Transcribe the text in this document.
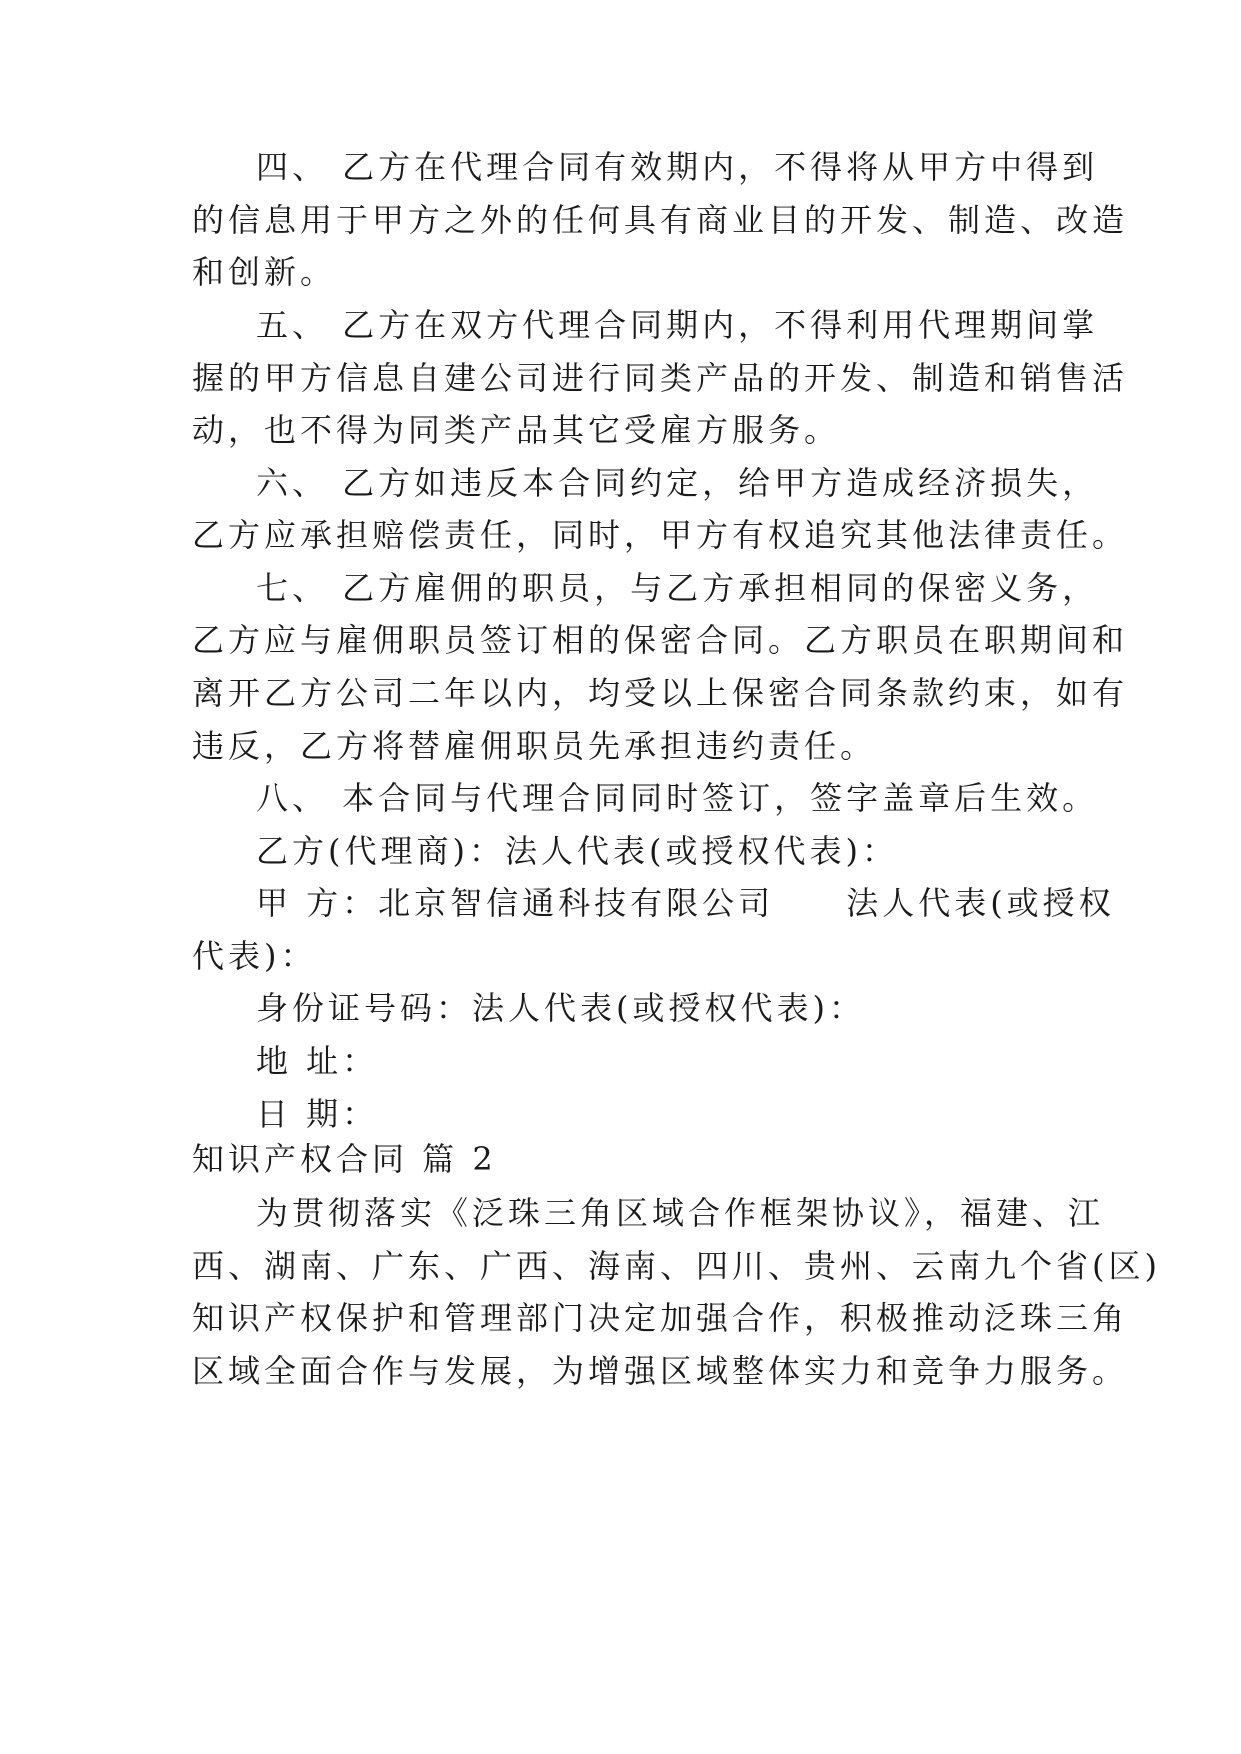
四、 乙方在代理合同有效期内，不得将从甲方中得到
的信息用于甲方之外的任何具有商业目的开发、制造、改造
和创新。
五、 乙方在双方代理合同期内，不得利用代理期间掌
握的甲方信息自建公司进行同类产品的开发、制造和销售活
动，也不得为同类产品其它受雇方服务。
六、 乙方如违反本合同约定，给甲方造成经济损失，
乙方应承担赔偿责任，同时，甲方有权追究其他法律责任。
七、 乙方雇佣的职员，与乙方承担相同的保密义务，
乙方应与雇佣职员签订相的保密合同。乙方职员在职期间和
离开乙方公司二年以内，均受以上保密合同条款约束，如有
违反，乙方将替雇佣职员先承担违约责任。
八、 本合同与代理合同同时签订，签字盖章后生效。
乙方(代理商)：法人代表(或授权代表)：
甲 方：北京智信通科技有限公司 法人代表(或授权
代表)：
身份证号码：法人代表(或授权代表)：
地 址：
日 期：
知识产权合同 篇 2
为贯彻落实《泛珠三角区域合作框架协议》，福建、江
西、湖南、广东、广西、海南、四川、贵州、云南九个省(区)
知识产权保护和管理部门决定加强合作，积极推动泛珠三角
区域全面合作与发展，为增强区域整体实力和竞争力服务。
